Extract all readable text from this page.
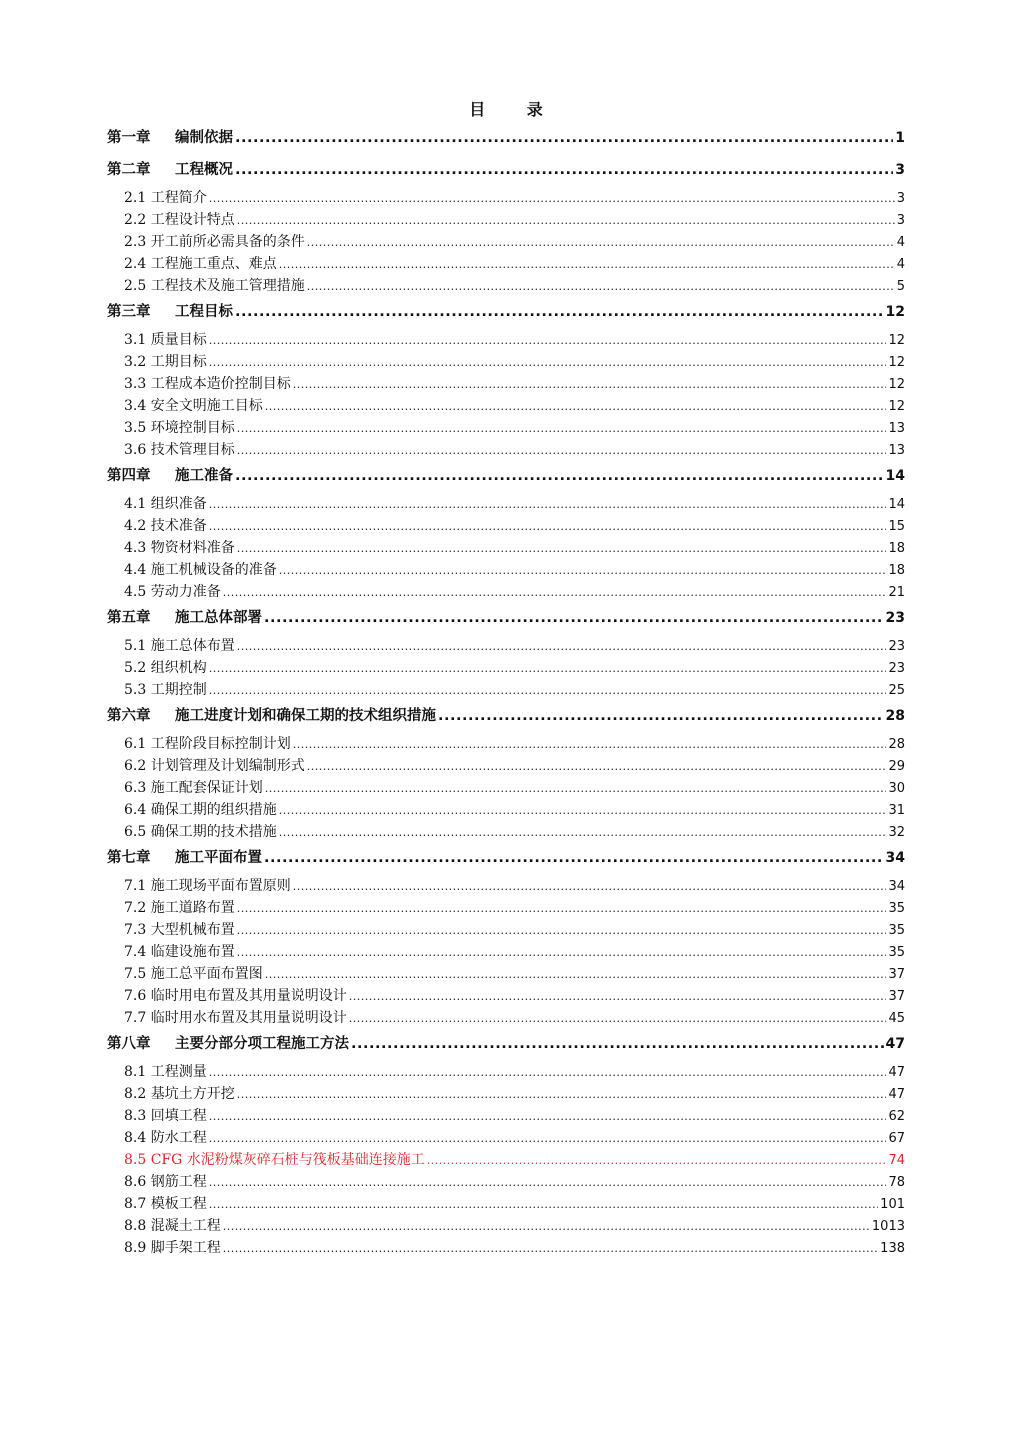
目 录
第一章	编制依据 .....	1
第二章	工程概况 .....	3
2.1 工程简介 .....	3
2.2 工程设计特点 .....	3
2.3 开工前所必需具备的条件 .....	4
2.4 工程施工重点、难点 .....	4
2.5 工程技术及施工管理措施 .....	5
第三章	工程目标 .....	12
3.1 质量目标 .....	12
3.2 工期目标 .....	12
3.3 工程成本造价控制目标 .....	12
3.4 安全文明施工目标 .....	12
3.5 环境控制目标 .....	13
3.6 技术管理目标 .....	13
第四章	施工准备 .....	14
4.1 组织准备 .....	14
4.2 技术准备 .....	15
4.3 物资材料准备 .....	18
4.4 施工机械设备的准备 .....	18
4.5 劳动力准备 .....	21
第五章	施工总体部署 .....	23
5.1 施工总体布置 .....	23
5.2 组织机构 .....	23
5.3 工期控制 .....	25
第六章	施工进度计划和确保工期的技术组织措施 .....	28
6.1 工程阶段目标控制计划 .....	28
6.2 计划管理及计划编制形式 .....	29
6.3 施工配套保证计划 .....	30
6.4 确保工期的组织措施 .....	31
6.5 确保工期的技术措施 .....	32
第七章	施工平面布置 .....	34
7.1 施工现场平面布置原则 .....	34
7.2 施工道路布置 .....	35
7.3 大型机械布置 .....	35
7.4 临建设施布置 .....	35
7.5 施工总平面布置图 .....	37
7.6 临时用电布置及其用量说明设计 .....	37
7.7 临时用水布置及其用量说明设计 .....	45
第八章	主要分部分项工程施工方法 .....	47
8.1 工程测量 .....	47
8.2 基坑土方开挖 .....	47
8.3 回填工程 .....	62
8.4 防水工程 .....	67
8.5 CFG 水泥粉煤灰碎石桩与筏板基础连接施工 .....	74
8.6 钢筋工程 .....	78
8.7 模板工程 .....	101
8.8 混凝土工程 .....	1013
8.9 脚手架工程 .....	138
